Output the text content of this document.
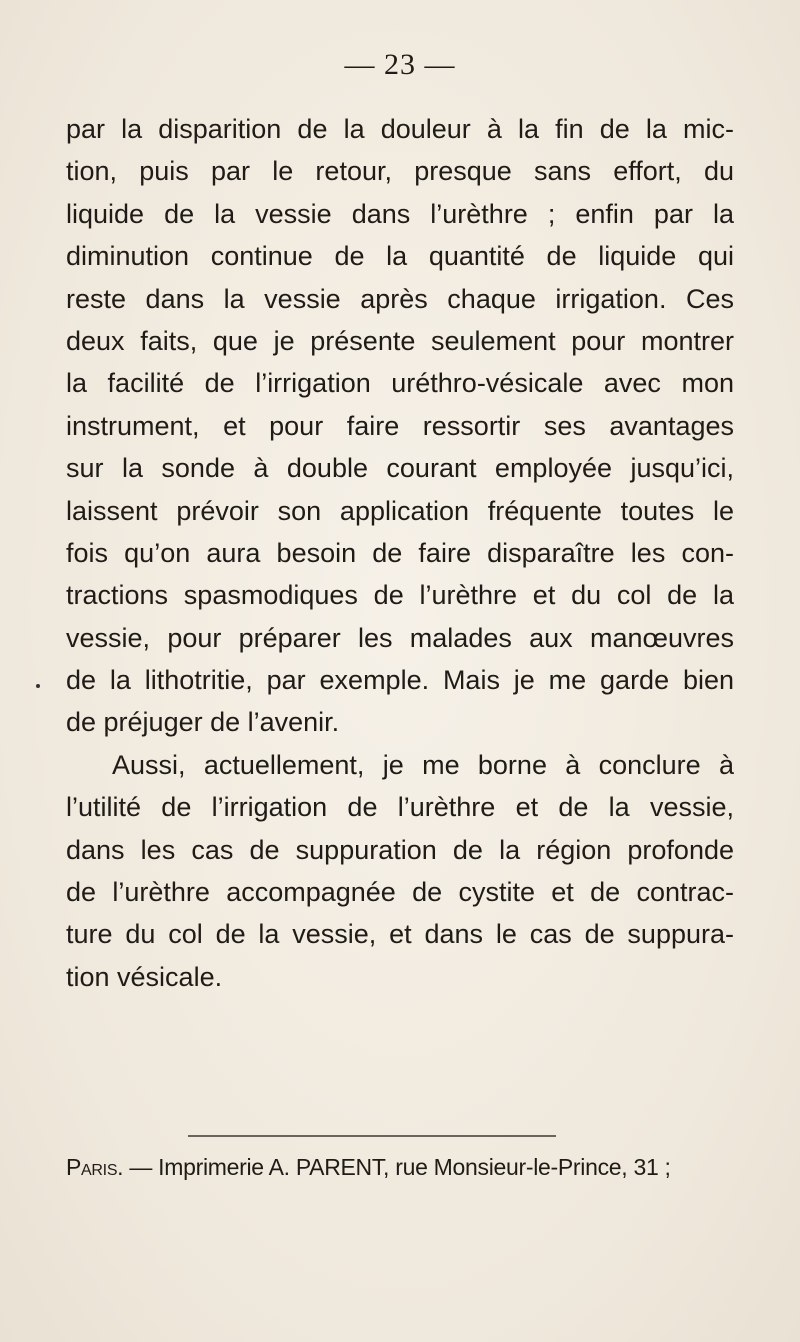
— 23 —
par la disparition de la douleur à la fin de la mic-
tion, puis par le retour, presque sans effort, du
liquide de la vessie dans l’urèthre ; enfin par la
diminution continue de la quantité de liquide qui
reste dans la vessie après chaque irrigation. Ces
deux faits, que je présente seulement pour montrer
la facilité de l’irrigation uréthro-vésicale avec mon
instrument, et pour faire ressortir ses avantages
sur la sonde à double courant employée jusqu’ici,
laissent prévoir son application fréquente toutes le
fois qu’on aura besoin de faire disparaître les con-
tractions spasmodiques de l’urèthre et du col de la
vessie, pour préparer les malades aux manœuvres
de la lithotritie, par exemple. Mais je me garde bien
de préjuger de l’avenir.
Aussi, actuellement, je me borne à conclure à
l’utilité de l’irrigation de l’urèthre et de la vessie,
dans les cas de suppuration de la région profonde
de l’urèthre accompagnée de cystite et de contrac-
ture du col de la vessie, et dans le cas de suppura-
tion vésicale.
Paris. — Imprimerie A. PARENT, rue Monsieur-le-Prince, 31 ;
